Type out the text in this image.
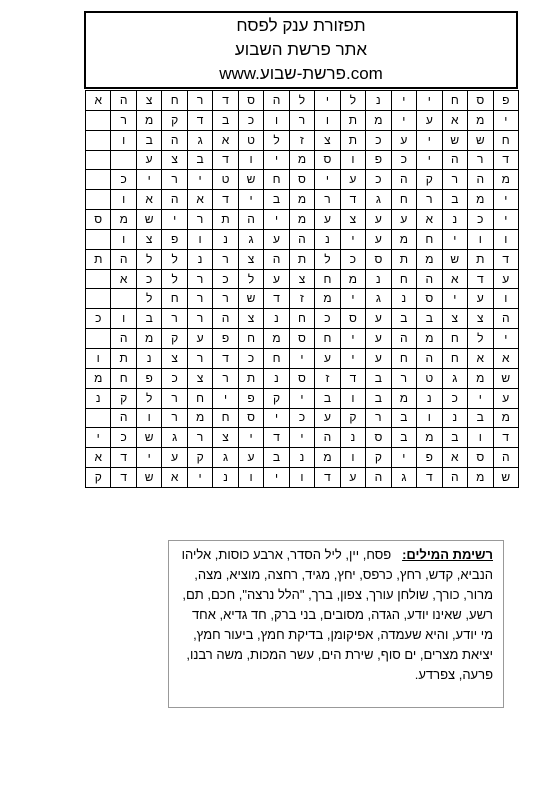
תפזורת ענק לפסח
אתר פרשת השבוע
www.פרשת-שבוע.com
א	ה	צ	ח	ר	ד	ס	ה	ל	י	ל	נ	י	י	ח	ס	פ
	ר	מ	ק	ד	ב	כ	ו	ר	ו	ת	מ	י	ע	א	מ	י
	ו	ב	ה	ג	א	ט	ל	ז	צ	ת	כ	ע	י	ש	ש	ח
		ע	צ	ב	ד	ו	י	מ	ס	ו	פ	כ	י	ה	ר	ד
	כ	י	ר	י	ט	ש	ח	ס	י	ע	כ	ה	ק	ר	ה	מ
	ו	א	ה	א	ד	י	ב	מ	ר	ד	ג	ח	ר	ב	מ	י
ס	מ	ש	י	ר	ת	ה	י	מ	ע	צ	ע	ע	א	נ	כ	י
	ו	צ	פ	ו	נ	ג	ע	ה	נ	י	ע	מ	ח	י	ו	ו
ת	ה	ל	ל	נ	ר	צ	ה	ת	ל	כ	ס	ת	מ	ש	ת	ד
	א	כ	ל	ר	כ	ל	ע	צ	ח	מ	נ	ח	ה	א	ד	ע
		ל	ח	ר	ר	ש	ד	ז	מ	י	ג	נ	ס	י	ע	ו
כ	ו	ב	ר	ר	ה	צ	נ	ח	כ	ס	ע	ב	ב	צ	צ	ה
	ה	מ	ק	ע	פ	ח	מ	ס	ח	י	ע	ה	מ	ח	ל	י
ו	ת	נ	צ	ר	ד	כ	ח	י	ע	י	ע	ח	ה	ח	א	א
מ	ח	פ	כ	צ	ר	ת	נ	ס	ז	ד	ב	ר	ט	ג	מ	ש
נ	ק	ל	ר	ח	י	פ	ק	י	ב	ו	ב	מ	נ	כ	י	ע
	ה	ו	ר	מ	ח	ס	י	כ	ע	ק	ר	ב	ו	נ	ב	מ
י	כ	ש	ג	ר	צ	י	ד	י	ה	נ	ס	ב	מ	ב	ו	ד
א	ד	י	ע	ק	ג	ע	ב	נ	מ	ו	ק	י	פ	א	ס	ה
ק	ד	ש	א	י	נ	ו	י	ו	ד	ע	ה	ג	ד	ה	מ	ש
רשימת המילים:   פסח, יין, ליל הסדר, ארבע כוסות, אליהו הנביא, קדש, רחץ, כרפס, יחץ, מגיד, רחצה, מוציא, מצה, מרור, כורך, שולחן עורך, צפון, ברך, "הלל נרצה", חכם, תם, רשע, שאינו יודע, הגדה, מסובים, בני ברק, חד גדיא, אחד מי יודע, והיא שעמדה, אפיקומן, בדיקת חמץ, ביעור חמץ, יציאת מצרים, ים סוף, שירת הים, עשר המכות, משה רבנו, פרעה, צפרדע.
